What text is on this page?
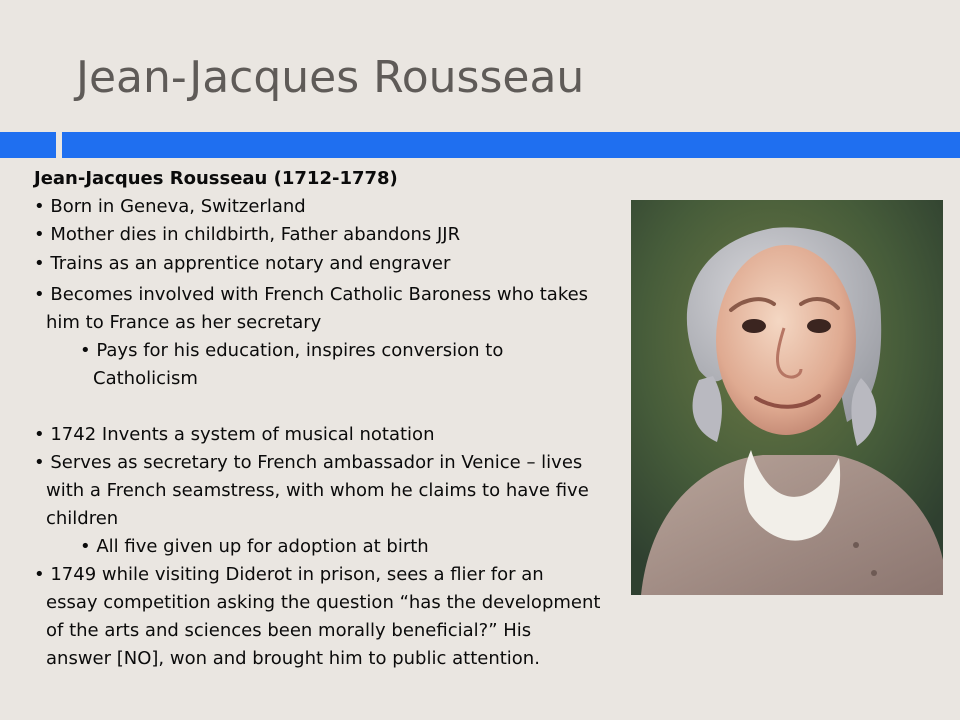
Jean-Jacques Rousseau
Jean-Jacques Rousseau (1712-1778)
• Born in Geneva, Switzerland
• Mother dies in childbirth, Father abandons JJR
• Trains as an apprentice notary and engraver
• Becomes involved with French Catholic Baroness who takes
him to France as her secretary
• Pays for his education, inspires conversion to
Catholicism
• 1742 Invents a system of musical notation
• Serves as secretary to French ambassador in Venice – lives
with a French seamstress, with whom he claims to have five
children
• All five given up for adoption at birth
• 1749 while visiting Diderot in prison, sees a flier for an
essay competition asking the question “has the development
of the arts and sciences been morally beneficial?” His
answer [NO], won and brought him to public attention.
